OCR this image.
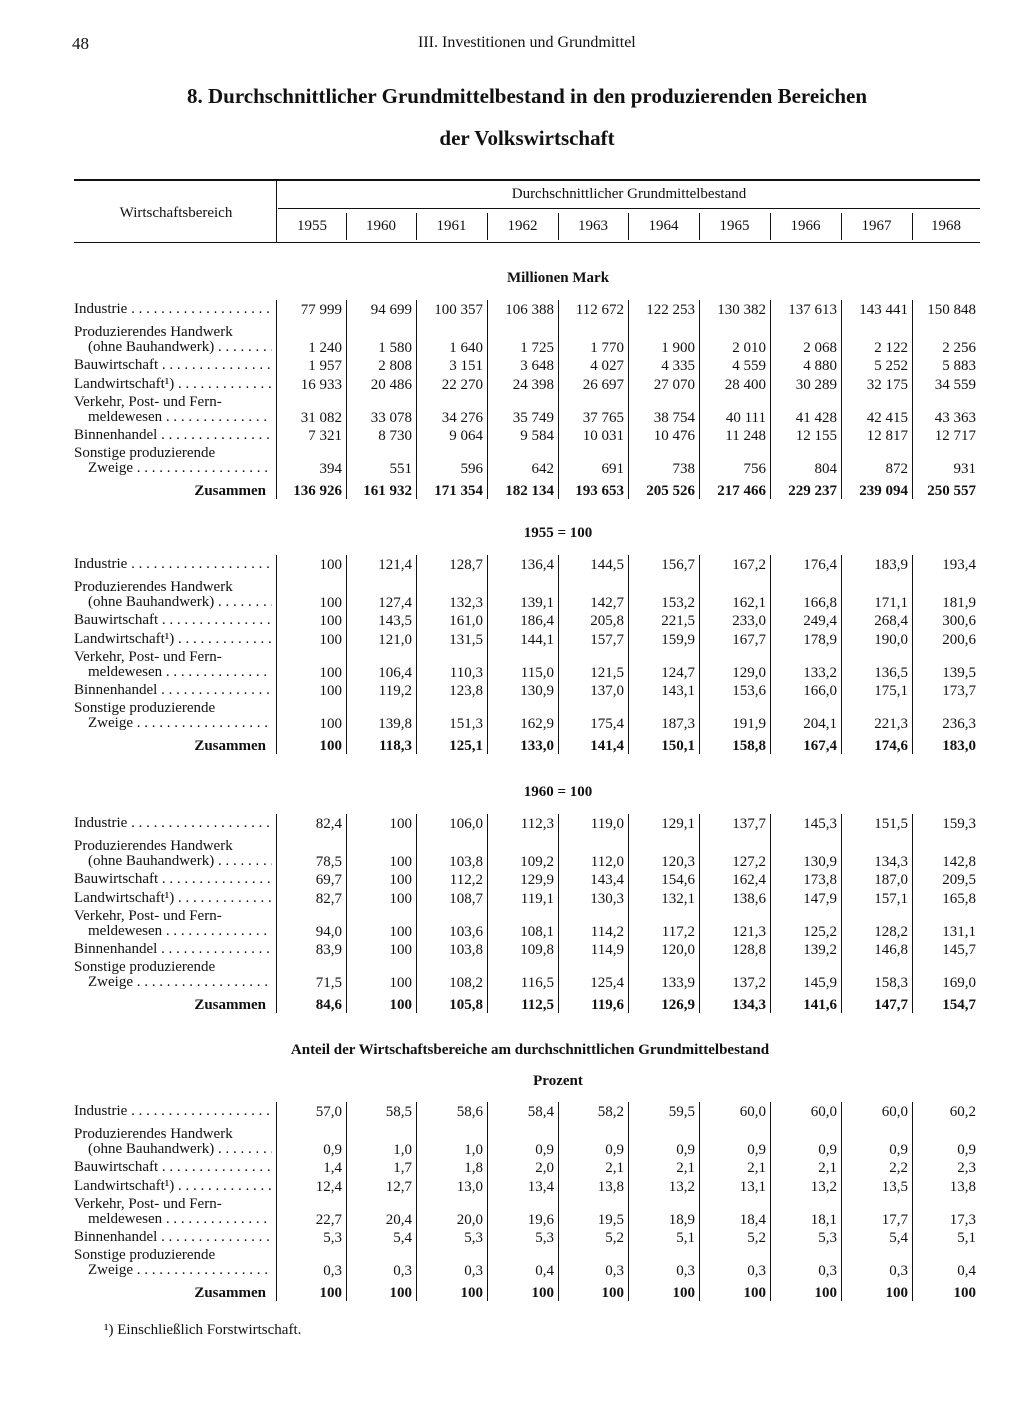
48	III. Investitionen und Grundmittel
8. Durchschnittlicher Grundmittelbestand in den produzierenden Bereichen
der Volkswirtschaft
Wirtschaftsbereich
Durchschnittlicher Grundmittelbestand
1955	1960	1961	1962	1963	1964	1965	1966	1967	1968
Millionen Mark
Industrie . . .	77 999	94 699	100 357	106 388	112 672	122 253	130 382	137 613	143 441	150 848
Produzierendes Handwerk
(ohne Bauhandwerk) . . .	1 240	1 580	1 640	1 725	1 770	1 900	2 010	2 068	2 122	2 256
Bauwirtschaft . . .	1 957	2 808	3 151	3 648	4 027	4 335	4 559	4 880	5 252	5 883
Landwirtschaft¹) . . .	16 933	20 486	22 270	24 398	26 697	27 070	28 400	30 289	32 175	34 559
Verkehr, Post- und Fern-
meldewesen . . .	31 082	33 078	34 276	35 749	37 765	38 754	40 111	41 428	42 415	43 363
Binnenhandel . . .	7 321	8 730	9 064	9 584	10 031	10 476	11 248	12 155	12 817	12 717
Sonstige produzierende
Zweige . . .	394	551	596	642	691	738	756	804	872	931
Zusammen	136 926	161 932	171 354	182 134	193 653	205 526	217 466	229 237	239 094	250 557
1955 = 100
Industrie . . .	100	121,4	128,7	136,4	144,5	156,7	167,2	176,4	183,9	193,4
Produzierendes Handwerk
(ohne Bauhandwerk) . . .	100	127,4	132,3	139,1	142,7	153,2	162,1	166,8	171,1	181,9
Bauwirtschaft . . .	100	143,5	161,0	186,4	205,8	221,5	233,0	249,4	268,4	300,6
Landwirtschaft¹) . . .	100	121,0	131,5	144,1	157,7	159,9	167,7	178,9	190,0	200,6
Verkehr, Post- und Fern-
meldewesen . . .	100	106,4	110,3	115,0	121,5	124,7	129,0	133,2	136,5	139,5
Binnenhandel . . .	100	119,2	123,8	130,9	137,0	143,1	153,6	166,0	175,1	173,7
Sonstige produzierende
Zweige . . .	100	139,8	151,3	162,9	175,4	187,3	191,9	204,1	221,3	236,3
Zusammen	100	118,3	125,1	133,0	141,4	150,1	158,8	167,4	174,6	183,0
1960 = 100
Industrie . . .	82,4	100	106,0	112,3	119,0	129,1	137,7	145,3	151,5	159,3
Produzierendes Handwerk
(ohne Bauhandwerk) . . .	78,5	100	103,8	109,2	112,0	120,3	127,2	130,9	134,3	142,8
Bauwirtschaft . . .	69,7	100	112,2	129,9	143,4	154,6	162,4	173,8	187,0	209,5
Landwirtschaft¹) . . .	82,7	100	108,7	119,1	130,3	132,1	138,6	147,9	157,1	165,8
Verkehr, Post- und Fern-
meldewesen . . .	94,0	100	103,6	108,1	114,2	117,2	121,3	125,2	128,2	131,1
Binnenhandel . . .	83,9	100	103,8	109,8	114,9	120,0	128,8	139,2	146,8	145,7
Sonstige produzierende
Zweige . . .	71,5	100	108,2	116,5	125,4	133,9	137,2	145,9	158,3	169,0
Zusammen	84,6	100	105,8	112,5	119,6	126,9	134,3	141,6	147,7	154,7
Anteil der Wirtschaftsbereiche am durchschnittlichen Grundmittelbestand
Prozent
Industrie . . .	57,0	58,5	58,6	58,4	58,2	59,5	60,0	60,0	60,0	60,2
Produzierendes Handwerk
(ohne Bauhandwerk) . . .	0,9	1,0	1,0	0,9	0,9	0,9	0,9	0,9	0,9	0,9
Bauwirtschaft . . .	1,4	1,7	1,8	2,0	2,1	2,1	2,1	2,1	2,2	2,3
Landwirtschaft¹) . . .	12,4	12,7	13,0	13,4	13,8	13,2	13,1	13,2	13,5	13,8
Verkehr, Post- und Fern-
meldewesen . . .	22,7	20,4	20,0	19,6	19,5	18,9	18,4	18,1	17,7	17,3
Binnenhandel . . .	5,3	5,4	5,3	5,3	5,2	5,1	5,2	5,3	5,4	5,1
Sonstige produzierende
Zweige . . .	0,3	0,3	0,3	0,4	0,3	0,3	0,3	0,3	0,3	0,4
Zusammen	100	100	100	100	100	100	100	100	100	100
¹) Einschließlich Forstwirtschaft.
